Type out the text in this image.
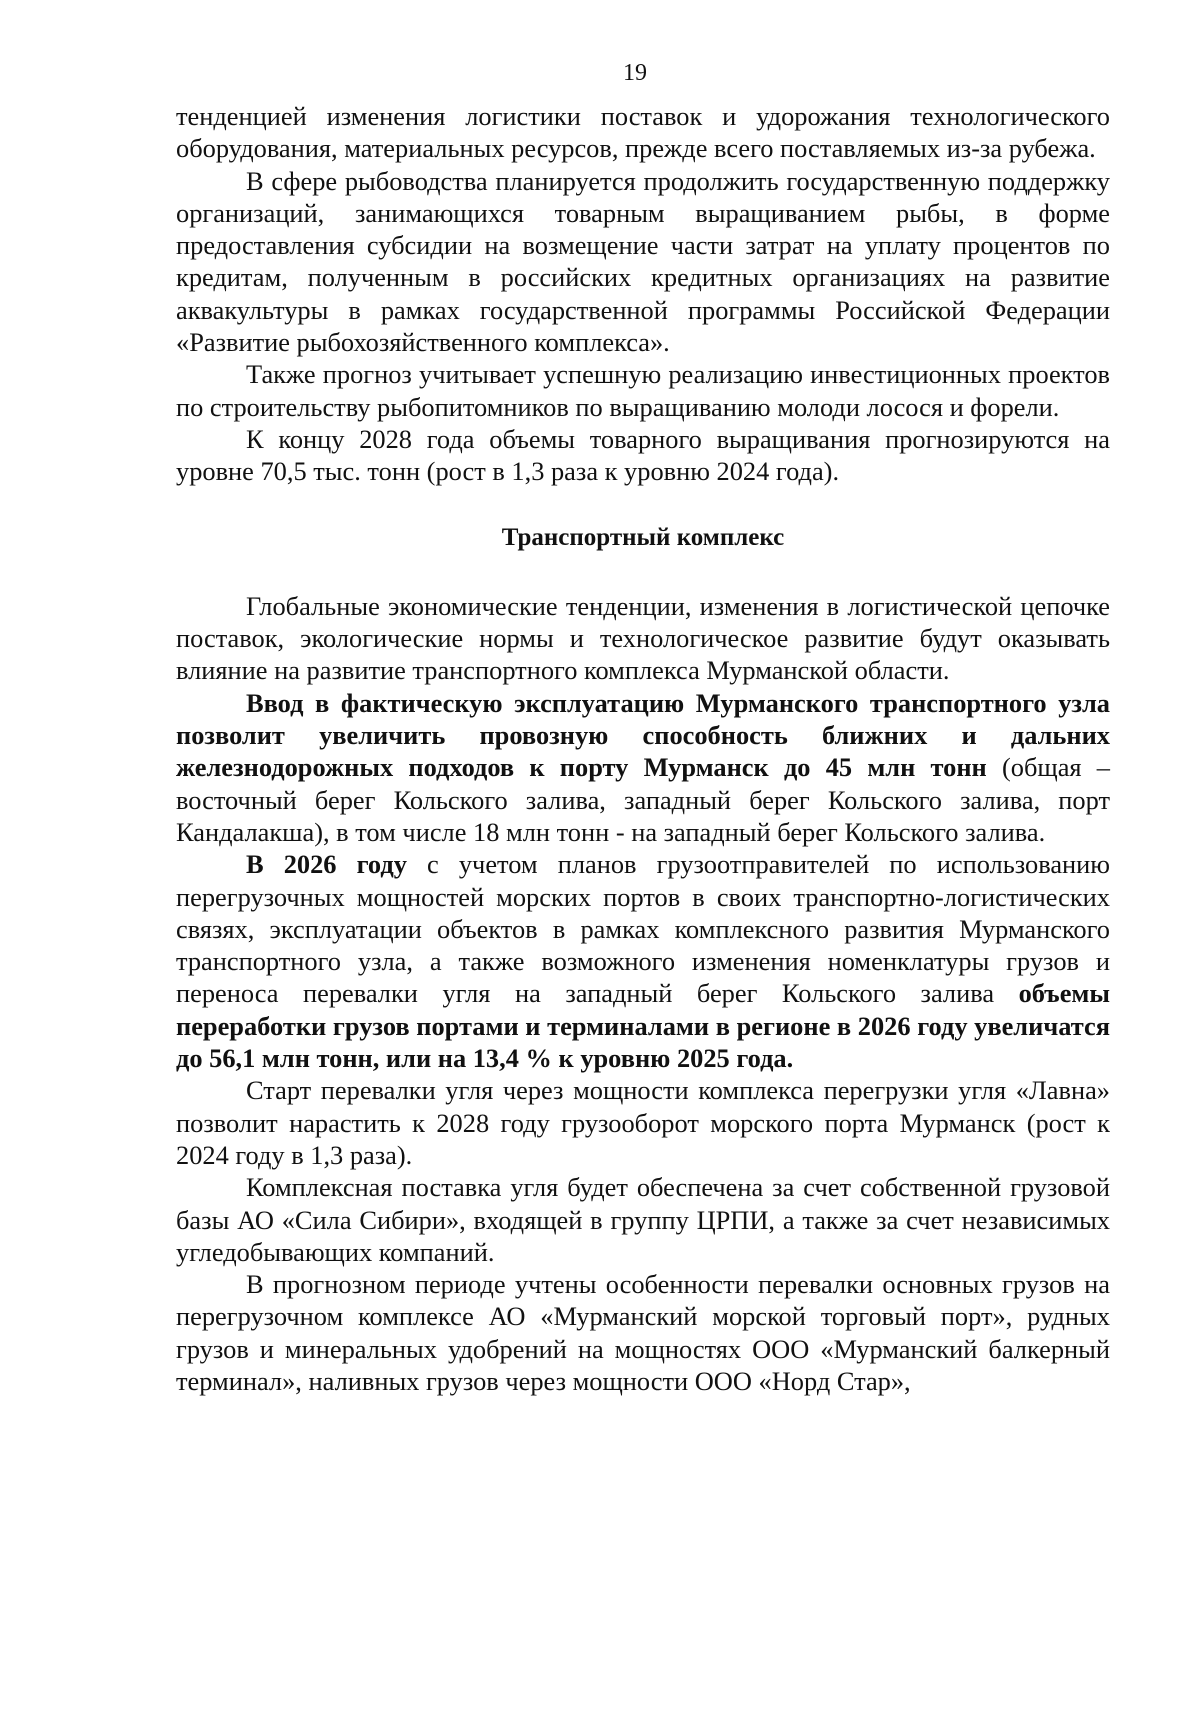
19

тенденцией изменения логистики поставок и удорожания технологического оборудования, материальных ресурсов, прежде всего поставляемых из-за рубежа.

В сфере рыбоводства планируется продолжить государственную поддержку организаций, занимающихся товарным выращиванием рыбы, в форме предоставления субсидии на возмещение части затрат на уплату процентов по кредитам, полученным в российских кредитных организациях на развитие аквакультуры в рамках государственной программы Российской Федерации «Развитие рыбохозяйственного комплекса».

Также прогноз учитывает успешную реализацию инвестиционных проектов по строительству рыбопитомников по выращиванию молоди лосося и форели.

К концу 2028 года объемы товарного выращивания прогнозируются на уровне 70,5 тыс. тонн (рост в 1,3 раза к уровню 2024 года).

Транспортный комплекс

Глобальные экономические тенденции, изменения в логистической цепочке поставок, экологические нормы и технологическое развитие будут оказывать влияние на развитие транспортного комплекса Мурманской области.

Ввод в фактическую эксплуатацию Мурманского транспортного узла позволит увеличить провозную способность ближних и дальних железнодорожных подходов к порту Мурманск до 45 млн тонн (общая – восточный берег Кольского залива, западный берег Кольского залива, порт Кандалакша), в том числе 18 млн тонн - на западный берег Кольского залива.

В 2026 году с учетом планов грузоотправителей по использованию перегрузочных мощностей морских портов в своих транспортно-логистических связях, эксплуатации объектов в рамках комплексного развития Мурманского транспортного узла, а также возможного изменения номенклатуры грузов и переноса перевалки угля на западный берег Кольского залива объемы переработки грузов портами и терминалами в регионе в 2026 году увеличатся до 56,1 млн тонн, или на 13,4 % к уровню 2025 года.

Старт перевалки угля через мощности комплекса перегрузки угля «Лавна» позволит нарастить к 2028 году грузооборот морского порта Мурманск (рост к 2024 году в 1,3 раза).

Комплексная поставка угля будет обеспечена за счет собственной грузовой базы АО «Сила Сибири», входящей в группу ЦРПИ, а также за счет независимых угледобывающих компаний.

В прогнозном периоде учтены особенности перевалки основных грузов на перегрузочном комплексе АО «Мурманский морской торговый порт», рудных грузов и минеральных удобрений на мощностях ООО «Мурманский балкерный терминал», наливных грузов через мощности ООО «Норд Стар»,
